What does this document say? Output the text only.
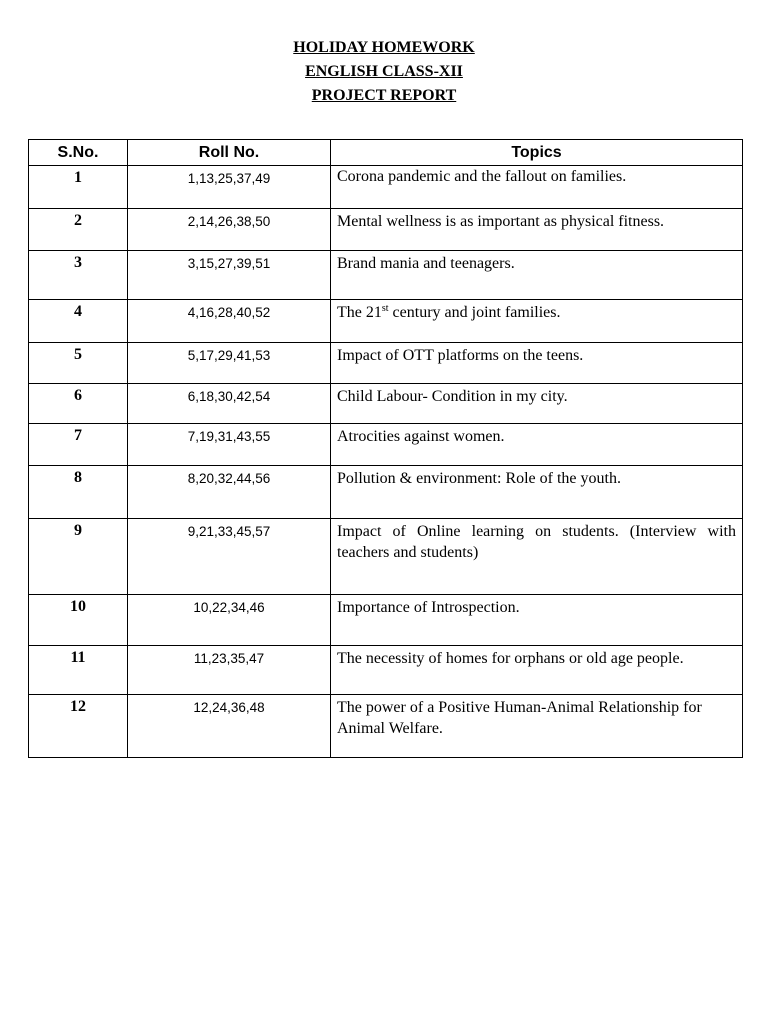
HOLIDAY HOMEWORK
ENGLISH CLASS-XII
PROJECT REPORT
S.No.	Roll No.	Topics
1	1,13,25,37,49	Corona pandemic and the fallout on families.
2	2,14,26,38,50	Mental wellness is as important as physical fitness.
3	3,15,27,39,51	Brand mania and teenagers.
4	4,16,28,40,52	The 21st century and joint families.
5	5,17,29,41,53	Impact of OTT platforms on the teens.
6	6,18,30,42,54	Child Labour- Condition in my city.
7	7,19,31,43,55	Atrocities against women.
8	8,20,32,44,56	Pollution & environment: Role of the youth.
9	9,21,33,45,57	Impact of Online learning on students. (Interview with teachers and students)
10	10,22,34,46	Importance of Introspection.
11	11,23,35,47	The necessity of homes for orphans or old age people.
12	12,24,36,48	The power of a Positive Human-Animal Relationship for Animal Welfare.
